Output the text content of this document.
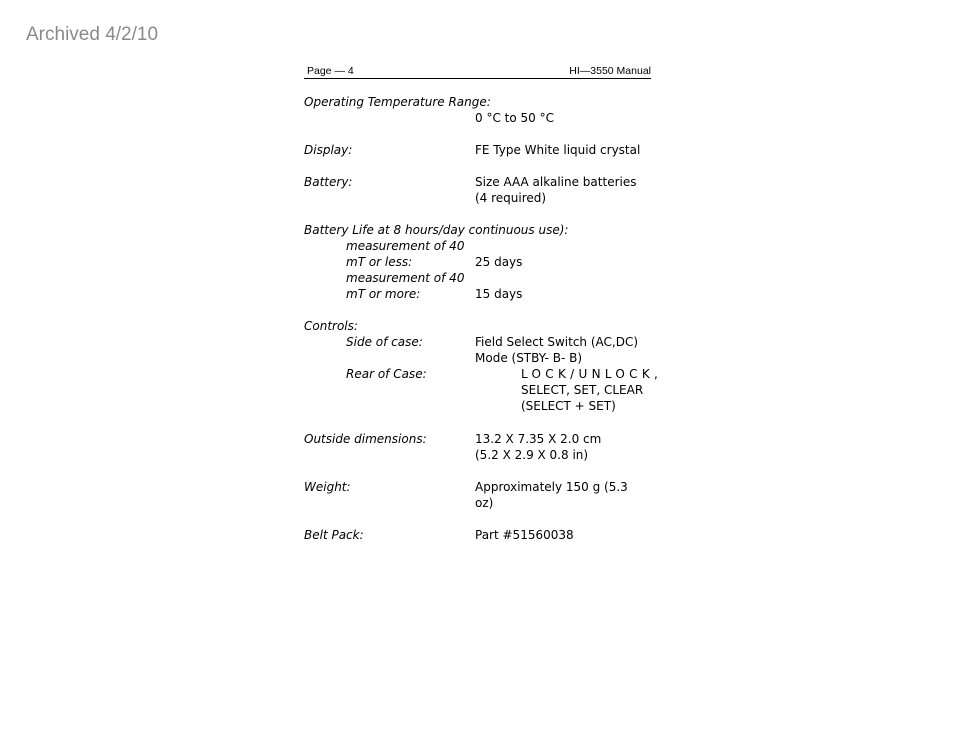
Archived 4/2/10
Page — 4	HI—3550 Manual
Operating Temperature Range:
0 °C to 50 °C
Display:	FE Type White liquid crystal
Battery:	Size AAA alkaline batteries
(4 required)
Battery Life at 8 hours/day continuous use):
measurement of 40
mT or less:	25 days
measurement of 40
mT or more:	15 days
Controls:
Side of case:	Field Select Switch (AC,DC)
Mode (STBY- B- B)
Rear of Case:	LOCK/UNLOCK,
SELECT, SET, CLEAR
(SELECT + SET)
Outside dimensions:	13.2 X 7.35 X 2.0 cm
(5.2 X 2.9 X 0.8 in)
Weight:	Approximately 150 g (5.3
oz)
Belt Pack:	Part #51560038
